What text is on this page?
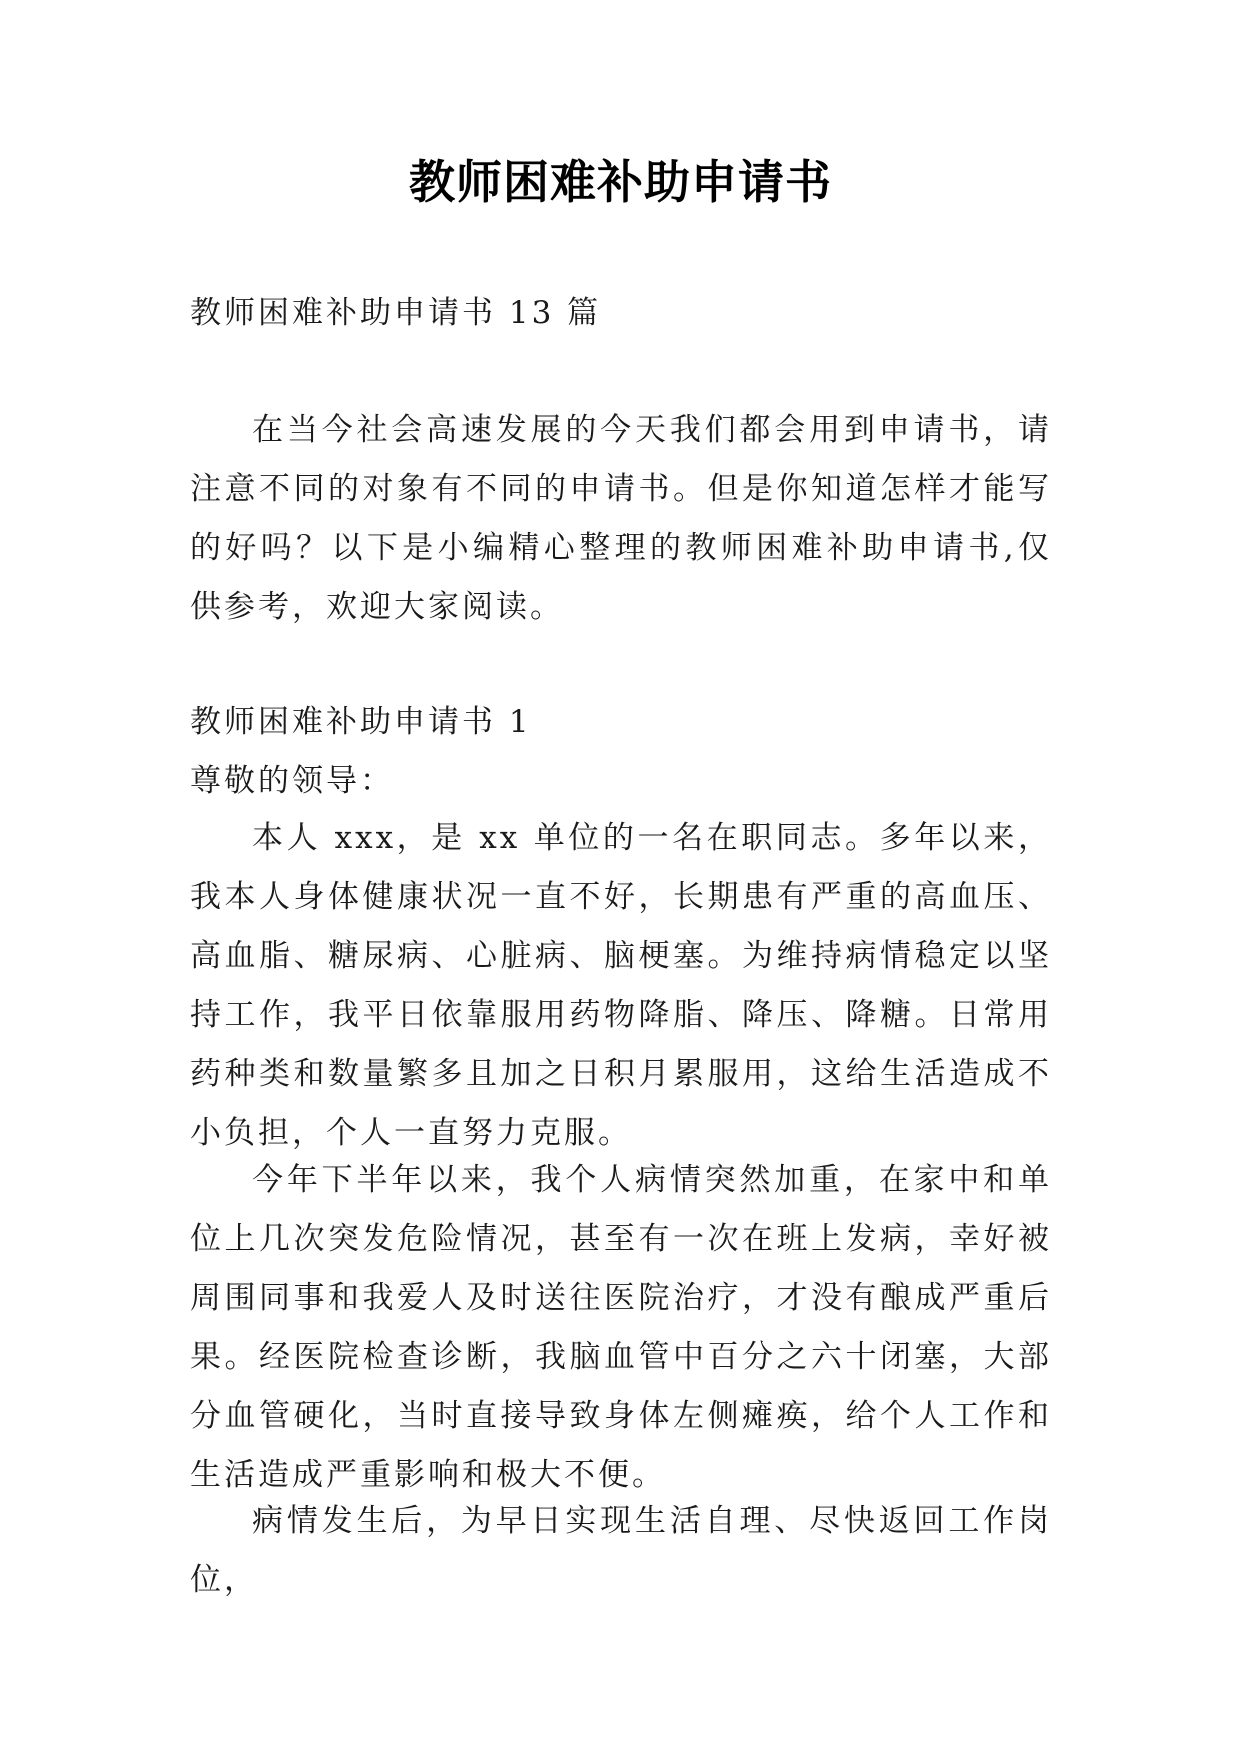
教师困难补助申请书

教师困难补助申请书 13 篇

在当今社会高速发展的今天我们都会用到申请书，请注意不同的对象有不同的申请书。但是你知道怎样才能写的好吗？以下是小编精心整理的教师困难补助申请书,仅供参考，欢迎大家阅读。

教师困难补助申请书 1

尊敬的领导：

本人 xxx，是 xx 单位的一名在职同志。多年以来，我本人身体健康状况一直不好，长期患有严重的高血压、高血脂、糖尿病、心脏病、脑梗塞。为维持病情稳定以坚持工作，我平日依靠服用药物降脂、降压、降糖。日常用药种类和数量繁多且加之日积月累服用，这给生活造成不小负担，个人一直努力克服。

今年下半年以来，我个人病情突然加重，在家中和单位上几次突发危险情况，甚至有一次在班上发病，幸好被周围同事和我爱人及时送往医院治疗，才没有酿成严重后果。经医院检查诊断，我脑血管中百分之六十闭塞，大部分血管硬化，当时直接导致身体左侧瘫痪，给个人工作和生活造成严重影响和极大不便。

病情发生后，为早日实现生活自理、尽快返回工作岗位，
